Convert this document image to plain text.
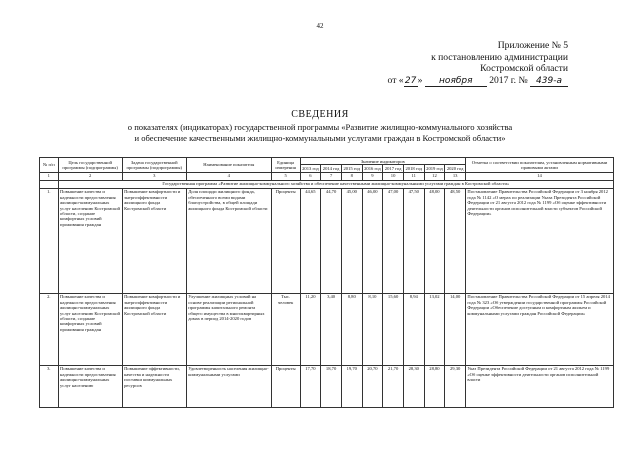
42
Приложение № 5
к постановлению администрации
Костромской области
от «27» ноября 2017 г. № 439-а
СВЕДЕНИЯ
о показателях (индикаторах) государственной программы «Развитие жилищно-коммунального хозяйства
и обеспечение качественными жилищно-коммунальными услугами граждан в Костромской области»
№ п/п	Цель государственной программы (подпрограммы)	Задача государственной программы (подпрограммы)	Наименование показателя	Единица измерения	Значение индикаторов								Отметка о соответствии показателям, установленным нормативными правовыми актами
					2013 год	2014 год	2015 год	2016 год	2017 год	2018 год	2019 год	2020 год	
1	2	3	4	5	6	7	8	9	10	11	12	13	14
	Государственная программа «Развитие жилищно-коммунального хозяйства и обеспечение качественными жилищно-коммунальными услугами граждан в Костромской области»												
1.	Повышение качества и надежности предоставления жилищно-коммунальных услуг населению Костромской области, создание комфортных условий проживания граждан	Повышение комфортности и энергоэффективности жилищного фонда Костромской области	Доля площади жилищного фонда, обеспеченного всеми видами благоустройства, в общей площади жилищного фонда Костромской области	Проценты	44,65	44,70	45,00	46,00	47,00	47,50	48,00	48,50	Постановление Правительства Российской Федерации от 3 ноября 2012 года № 1142 «О мерах по реализации Указа Президента Российской Федерации от 21 августа 2012 года № 1199 «Об оценке эффективности деятельности органов исполнительной власти субъектов Российской Федерации»
2.	Повышение качества и надежности предоставления жилищно-коммунальных услуг населению Костромской области, создание комфортных условий проживания граждан	Повышение комфортности и энергоэффективности жилищного фонда Костромской области	Улучшение жилищных условий на основе реализации региональной программы капитального ремонта общего имущества в многоквартирных домах в период 2014-2020 годов	Тыс. человек	11,20	3,40	8,80	8,10	15,60	8,94	13,02	14,00	Постановление Правительства Российской Федерации от 15 апреля 2014 года № 323 «Об утверждении государственной программы Российской Федерации «Обеспечение доступным и комфортным жильем и коммунальными услугами граждан Российской Федерации»
3.	Повышение качества и надежности предоставления жилищно-коммунальных услуг населению	Повышение эффективности, качества и надежности поставки коммунальных ресурсов	Удовлетворенность населения жилищно-коммунальными услугами	Проценты	17,70	18,70	19,70	20,70	21,70	28,30	28,80	29,30	Указ Президента Российской Федерации от 21 августа 2012 года № 1199 «Об оценке эффективности деятельности органов исполнительной власти
